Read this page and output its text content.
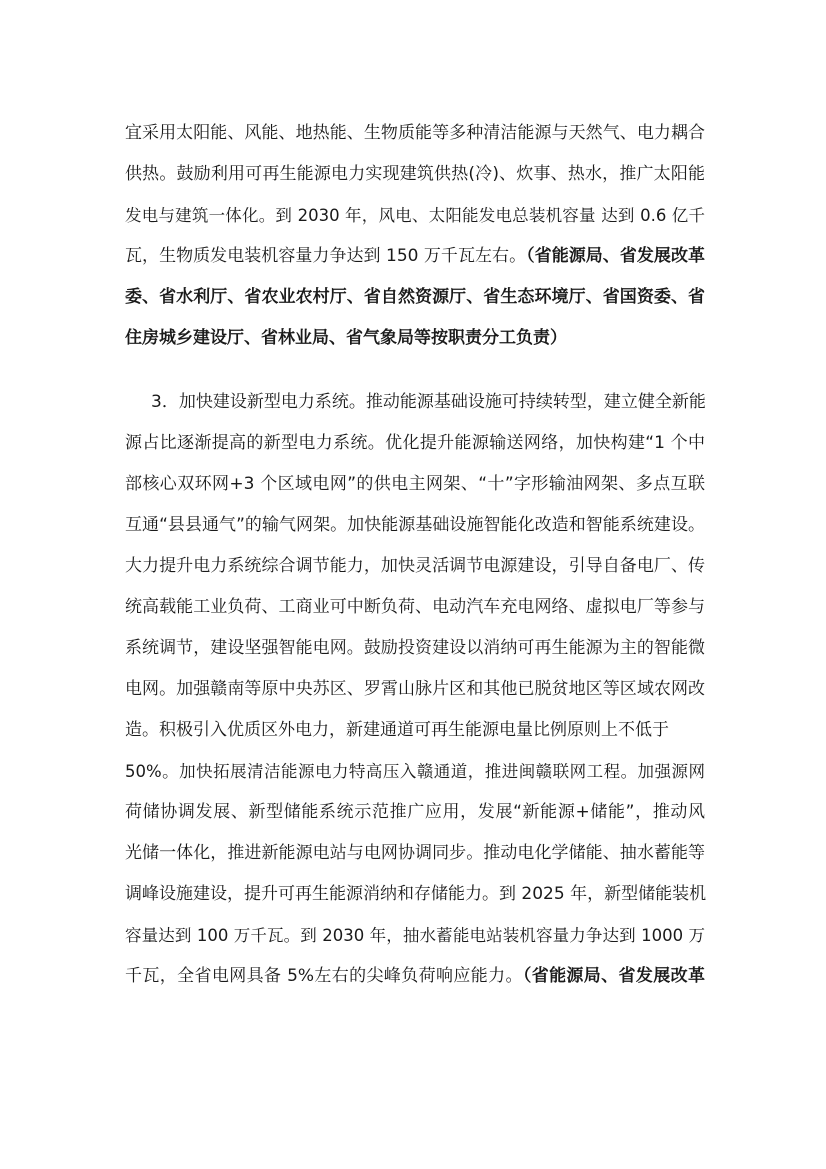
宜采用太阳能、风能、地热能、生物质能等多种清洁能源与天然气、电力耦合
供热。鼓励利用可再生能源电力实现建筑供热(冷)、炊事、热水，推广太阳能
发电与建筑一体化。到 2030 年，风电、太阳能发电总装机容量 达到 0.6 亿千
瓦，生物质发电装机容量力争达到 150 万千瓦左右。（省能源局、省发展改革
委、省水利厅、省农业农村厅、省自然资源厅、省生态环境厅、省国资委、省
住房城乡建设厅、省林业局、省气象局等按职责分工负责）
3．加快建设新型电力系统。推动能源基础设施可持续转型，建立健全新能
源占比逐渐提高的新型电力系统。优化提升能源输送网络，加快构建“1 个中
部核心双环网+3 个区域电网”的供电主网架、“十”字形输油网架、多点互联
互通“县县通气”的输气网架。加快能源基础设施智能化改造和智能系统建设。
大力提升电力系统综合调节能力，加快灵活调节电源建设，引导自备电厂、传
统高载能工业负荷、工商业可中断负荷、电动汽车充电网络、虚拟电厂等参与
系统调节，建设坚强智能电网。鼓励投资建设以消纳可再生能源为主的智能微
电网。加强赣南等原中央苏区、罗霄山脉片区和其他已脱贫地区等区域农网改
造。积极引入优质区外电力，新建通道可再生能源电量比例原则上不低于
50%。加快拓展清洁能源电力特高压入赣通道，推进闽赣联网工程。加强源网
荷储协调发展、新型储能系统示范推广应用，发展“新能源+储能”，推动风
光储一体化，推进新能源电站与电网协调同步。推动电化学储能、抽水蓄能等
调峰设施建设，提升可再生能源消纳和存储能力。到 2025 年，新型储能装机
容量达到 100 万千瓦。到 2030 年，抽水蓄能电站装机容量力争达到 1000 万
千瓦，全省电网具备 5%左右的尖峰负荷响应能力。（省能源局、省发展改革
